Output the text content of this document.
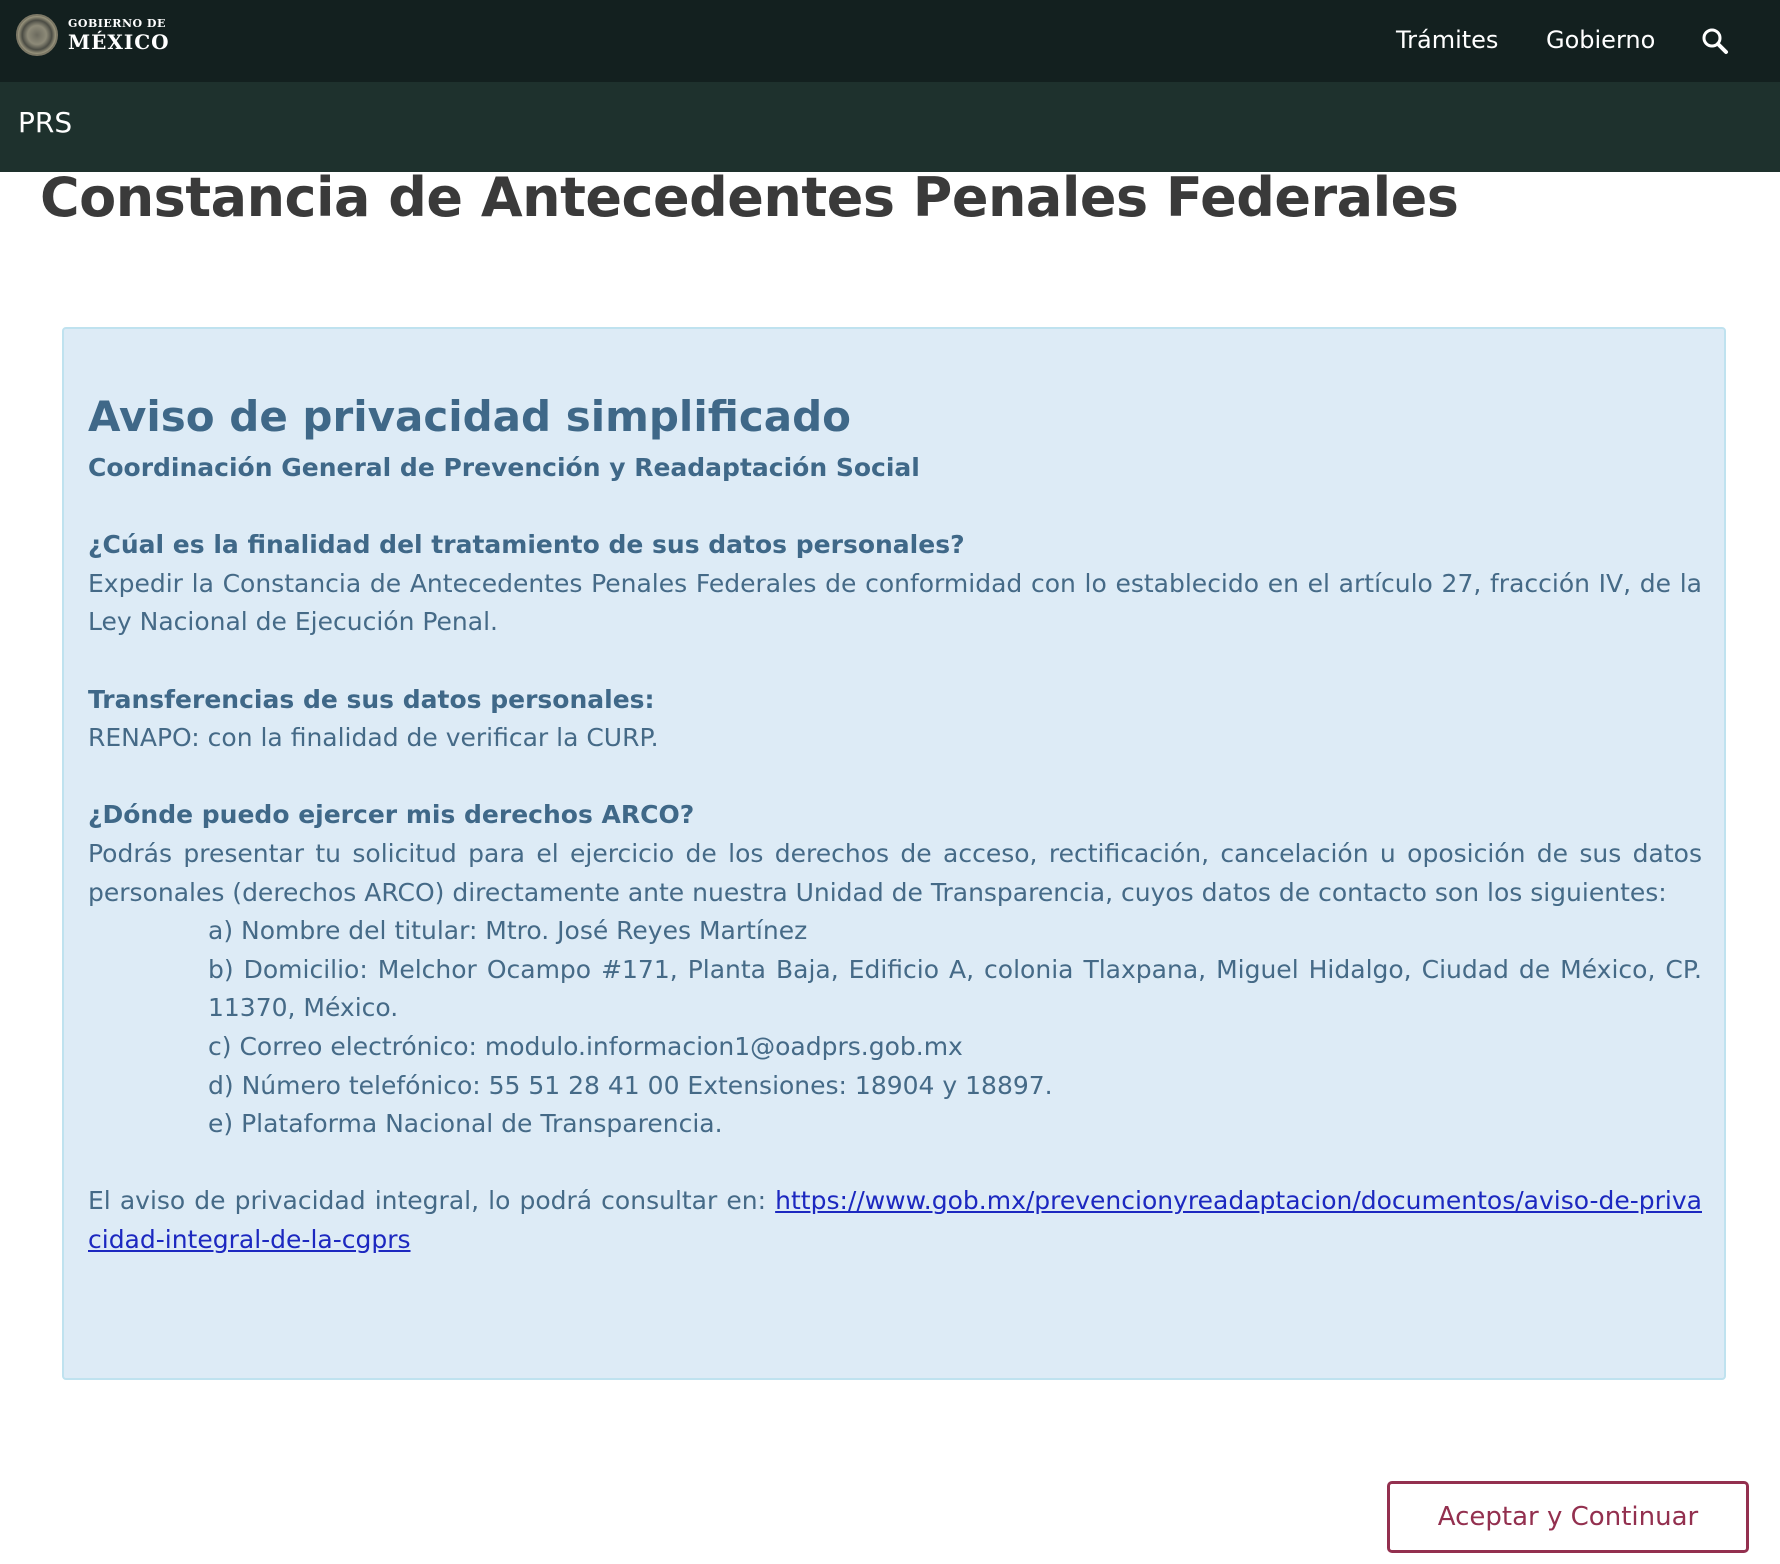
GOBIERNO DE
MÉXICO	Trámites Gobierno
PRS
Constancia de Antecedentes Penales Federales
Aviso de privacidad simplificado
Coordinación General de Prevención y Readaptación Social
¿Cúal es la finalidad del tratamiento de sus datos personales?
Expedir la Constancia de Antecedentes Penales Federales de conformidad con lo establecido en el artículo 27, fracción IV, de la Ley Nacional de Ejecución Penal.
Transferencias de sus datos personales:
RENAPO: con la finalidad de verificar la CURP.
¿Dónde puedo ejercer mis derechos ARCO?
Podrás presentar tu solicitud para el ejercicio de los derechos de acceso, rectificación, cancelación u oposición de sus datos personales (derechos ARCO) directamente ante nuestra Unidad de Transparencia, cuyos datos de contacto son los siguientes:
a) Nombre del titular: Mtro. José Reyes Martínez
b) Domicilio: Melchor Ocampo #171, Planta Baja, Edificio A, colonia Tlaxpana, Miguel Hidalgo, Ciudad de México, CP. 11370, México.
c) Correo electrónico: modulo.informacion1@oadprs.gob.mx
d) Número telefónico: 55 51 28 41 00 Extensiones: 18904 y 18897.
e) Plataforma Nacional de Transparencia.
El aviso de privacidad integral, lo podrá consultar en: https://www.gob.mx/prevencionyreadaptacion/documentos/aviso-de-privacidad-integral-de-la-cgprs
Aceptar y Continuar
